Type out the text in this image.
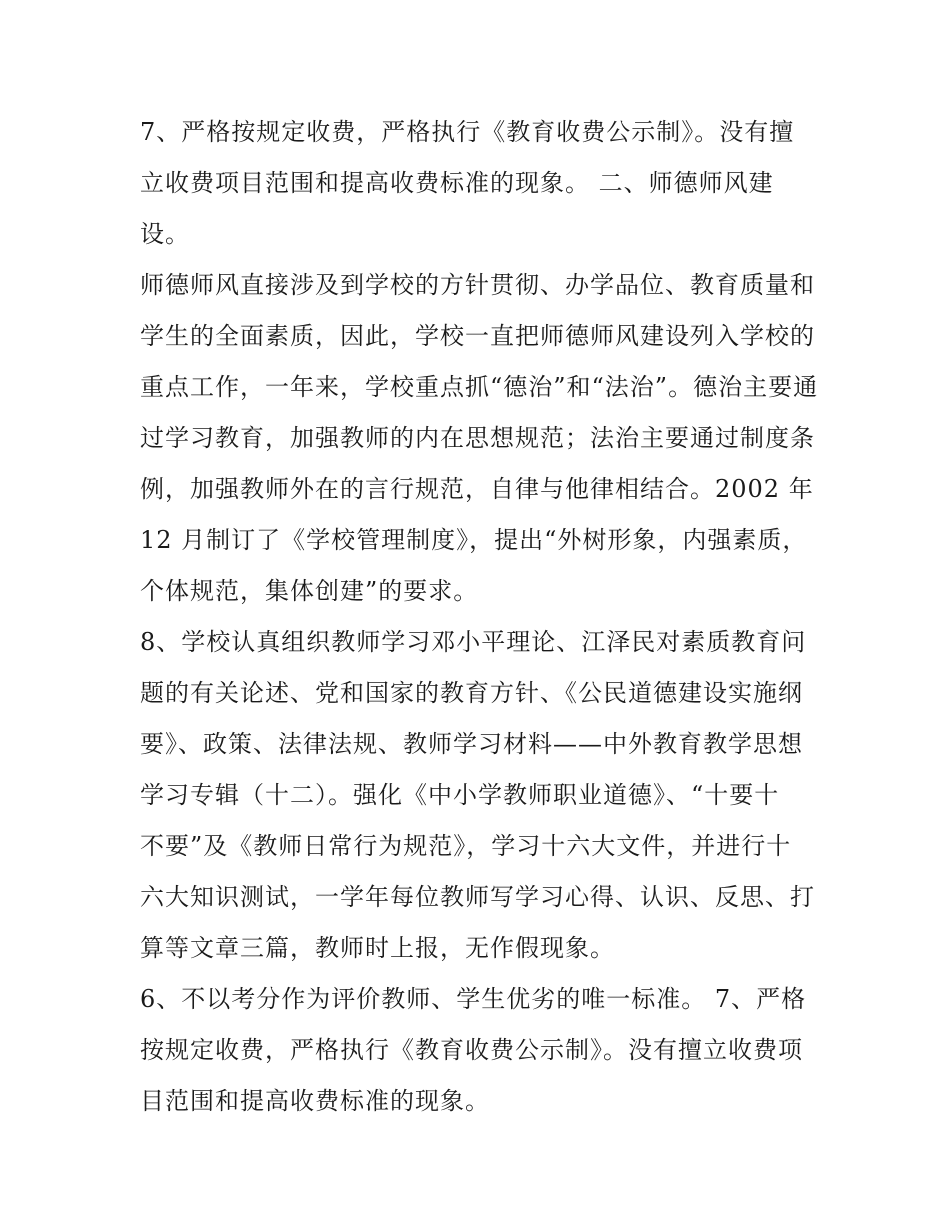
7、严格按规定收费，严格执行《教育收费公示制》。没有擅
立收费项目范围和提高收费标准的现象。 二、师德师风建
设。

师德师风直接涉及到学校的方针贯彻、办学品位、教育质量和
学生的全面素质，因此，学校一直把师德师风建设列入学校的
重点工作，一年来，学校重点抓“德治”和“法治”。德治主要通
过学习教育，加强教师的内在思想规范；法治主要通过制度条
例，加强教师外在的言行规范，自律与他律相结合。2002 年
12 月制订了《学校管理制度》，提出“外树形象，内强素质，
个体规范，集体创建”的要求。

8、学校认真组织教师学习邓小平理论、江泽民对素质教育问
题的有关论述、党和国家的教育方针、《公民道德建设实施纲
要》、政策、法律法规、教师学习材料——中外教育教学思想
学习专辑（十二）。强化《中小学教师职业道德》、“十要十
不要”及《教师日常行为规范》，学习十六大文件，并进行十
六大知识测试，一学年每位教师写学习心得、认识、反思、打
算等文章三篇，教师时上报，无作假现象。

6、不以考分作为评价教师、学生优劣的唯一标准。 7、严格
按规定收费，严格执行《教育收费公示制》。没有擅立收费项
目范围和提高收费标准的现象。
